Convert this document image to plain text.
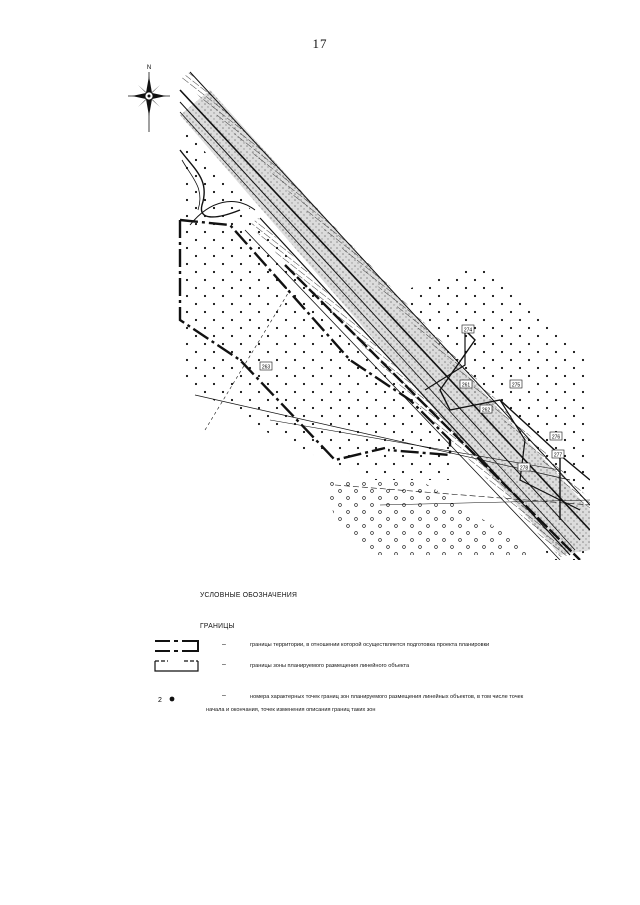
17
N
274
275
276
277
278
261
262
263
УСЛОВНЫЕ ОБОЗНАЧЕНИЯ
ГРАНИЦЫ
–	границы территории, в отношении которой осуществляется подготовка проекта планировки
–	границы зоны планируемого размещения линейного объекта
2
–	номера характерных точек границ зон планируемого размещения линейных объектов, в том числе точек
начала и окончания, точек изменения описания границ таких зон
